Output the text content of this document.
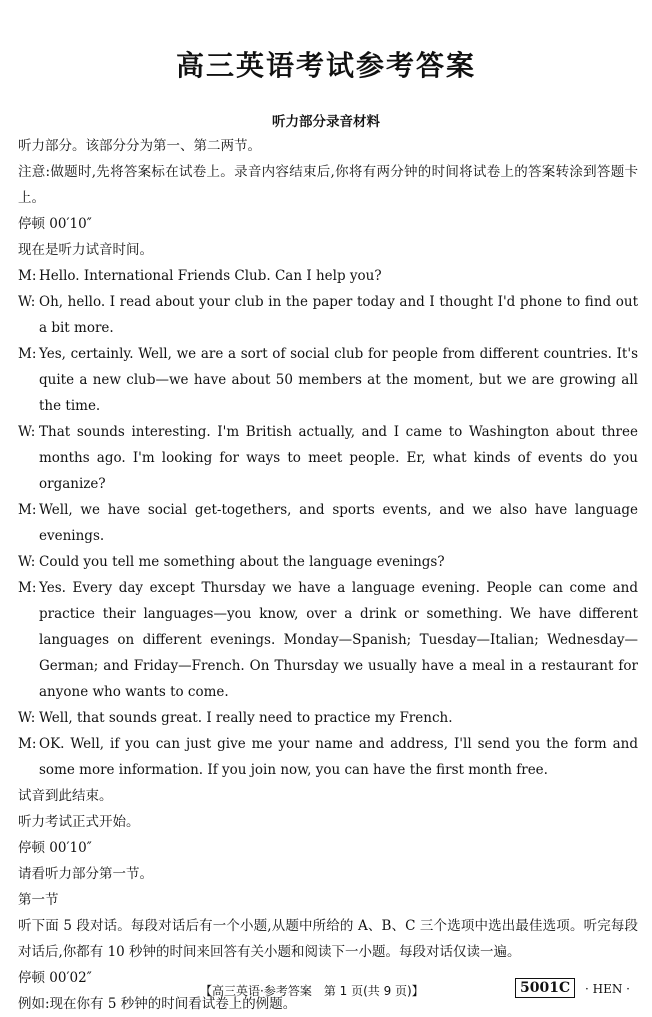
高三英语考试参考答案
听力部分录音材料

听力部分。该部分分为第一、第二两节。

注意:做题时,先将答案标在试卷上。录音内容结束后,你将有两分钟的时间将试卷上的答案转涂到答题卡上。

停顿 00′10″

现在是听力试音时间。

M: Hello. International Friends Club. Can I help you?
W: Oh, hello. I read about your club in the paper today and I thought I'd phone to find out a bit more.
M: Yes, certainly. Well, we are a sort of social club for people from different countries. It's quite a new club—we have about 50 members at the moment, but we are growing all the time.
W: That sounds interesting. I'm British actually, and I came to Washington about three months ago. I'm looking for ways to meet people. Er, what kinds of events do you organize?
M: Well, we have social get-togethers, and sports events, and we also have language evenings.
W: Could you tell me something about the language evenings?
M: Yes. Every day except Thursday we have a language evening. People can come and practice their languages—you know, over a drink or something. We have different languages on different evenings. Monday—Spanish; Tuesday—Italian; Wednesday—German; and Friday—French. On Thursday we usually have a meal in a restaurant for anyone who wants to come.
W: Well, that sounds great. I really need to practice my French.
M: OK. Well, if you can just give me your name and address, I'll send you the form and some more information. If you join now, you can have the first month free.

试音到此结束。

听力考试正式开始。

停顿 00′10″

请看听力部分第一节。

第一节

听下面 5 段对话。每段对话后有一个小题,从题中所给的 A、B、C 三个选项中选出最佳选项。听完每段对话后,你都有 10 秒钟的时间来回答有关小题和阅读下一小题。每段对话仅读一遍。

停顿 00′02″

例如:现在你有 5 秒钟的时间看试卷上的例题。

【高三英语·参考答案　第 1 页(共 9 页)】	5001C	· HEN ·
